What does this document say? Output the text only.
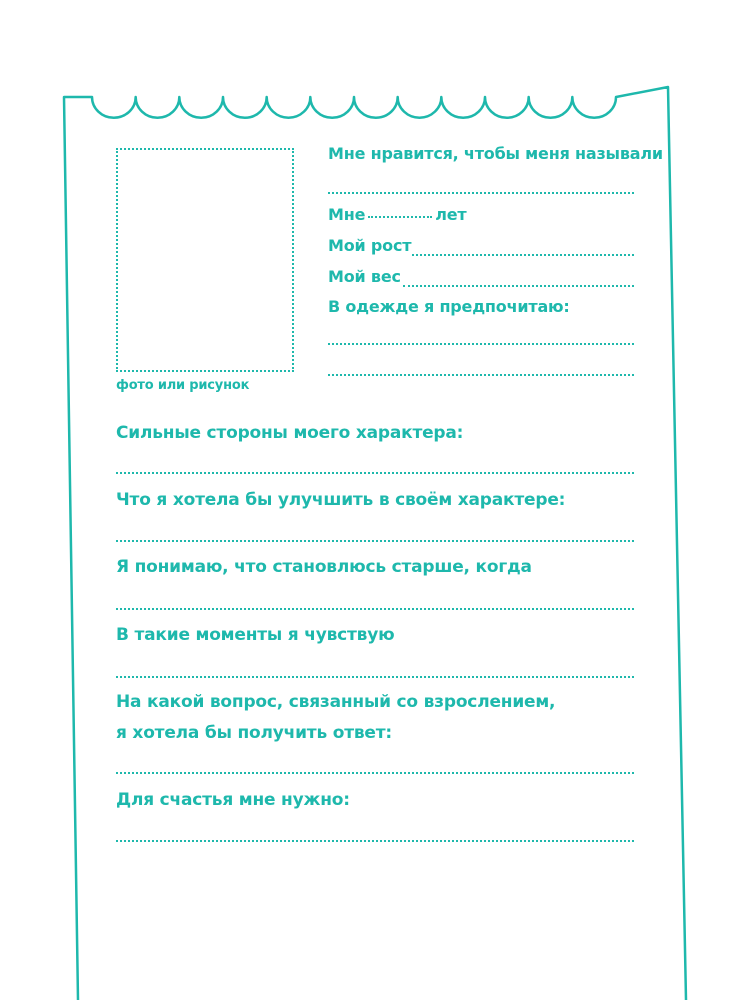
фото или рисунок
Мне нравится, чтобы меня называли
Мне	лет
Мой рост
Мой вес
В одежде я предпочитаю:
Сильные стороны моего характера:
Что я хотела бы улучшить в своём характере:
Я понимаю, что становлюсь старше, когда
В такие моменты я чувствую
На какой вопрос, связанный со взрослением,
я хотела бы получить ответ:
Для счастья мне нужно:
